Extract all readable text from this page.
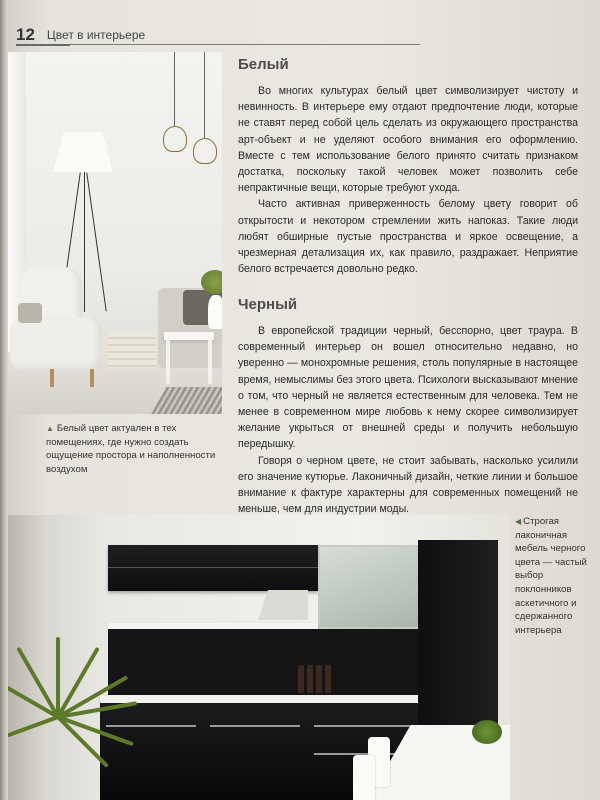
12 Цвет в интерьере
Белый

Во многих культурах белый цвет символизирует чистоту и невинность. В интерьере ему отдают предпочтение люди, которые не ставят перед собой цель сделать из окружающего пространства арт-объект и не уделяют особого внимания его оформлению. Вместе с тем использование белого принято считать признаком достатка, поскольку такой человек может позволить себе непрактичные вещи, которые требуют ухода.

Часто активная приверженность белому цвету говорит об открытости и некотором стремлении жить напоказ. Такие люди любят обширные пустые пространства и яркое освещение, а чрезмерная детализация их, как правило, раздражает. Неприятие белого встречается довольно редко.

Черный

В европейской традиции черный, бесспорно, цвет траура. В современный интерьер он вошел относительно недавно, но уверенно — монохромные решения, столь популярные в настоящее время, немыслимы без этого цвета. Психологи высказывают мнение о том, что черный не является естественным для человека. Тем не менее в современном мире любовь к нему скорее символизирует желание укрыться от внешней среды и получить небольшую передышку.

Говоря о черном цвете, не стоит забывать, насколько усилили его значение кутюрье. Лаконичный дизайн, четкие линии и большое внимание к фактуре характерны для современных помещений не меньше, чем для индустрии моды.

▲ Белый цвет актуален в тех помещениях, где нужно создать ощущение простора и наполненности воздухом
◀ Строгая лаконичная мебель черного цвета — частый выбор поклонников аскетичного и сдержанного интерьера
